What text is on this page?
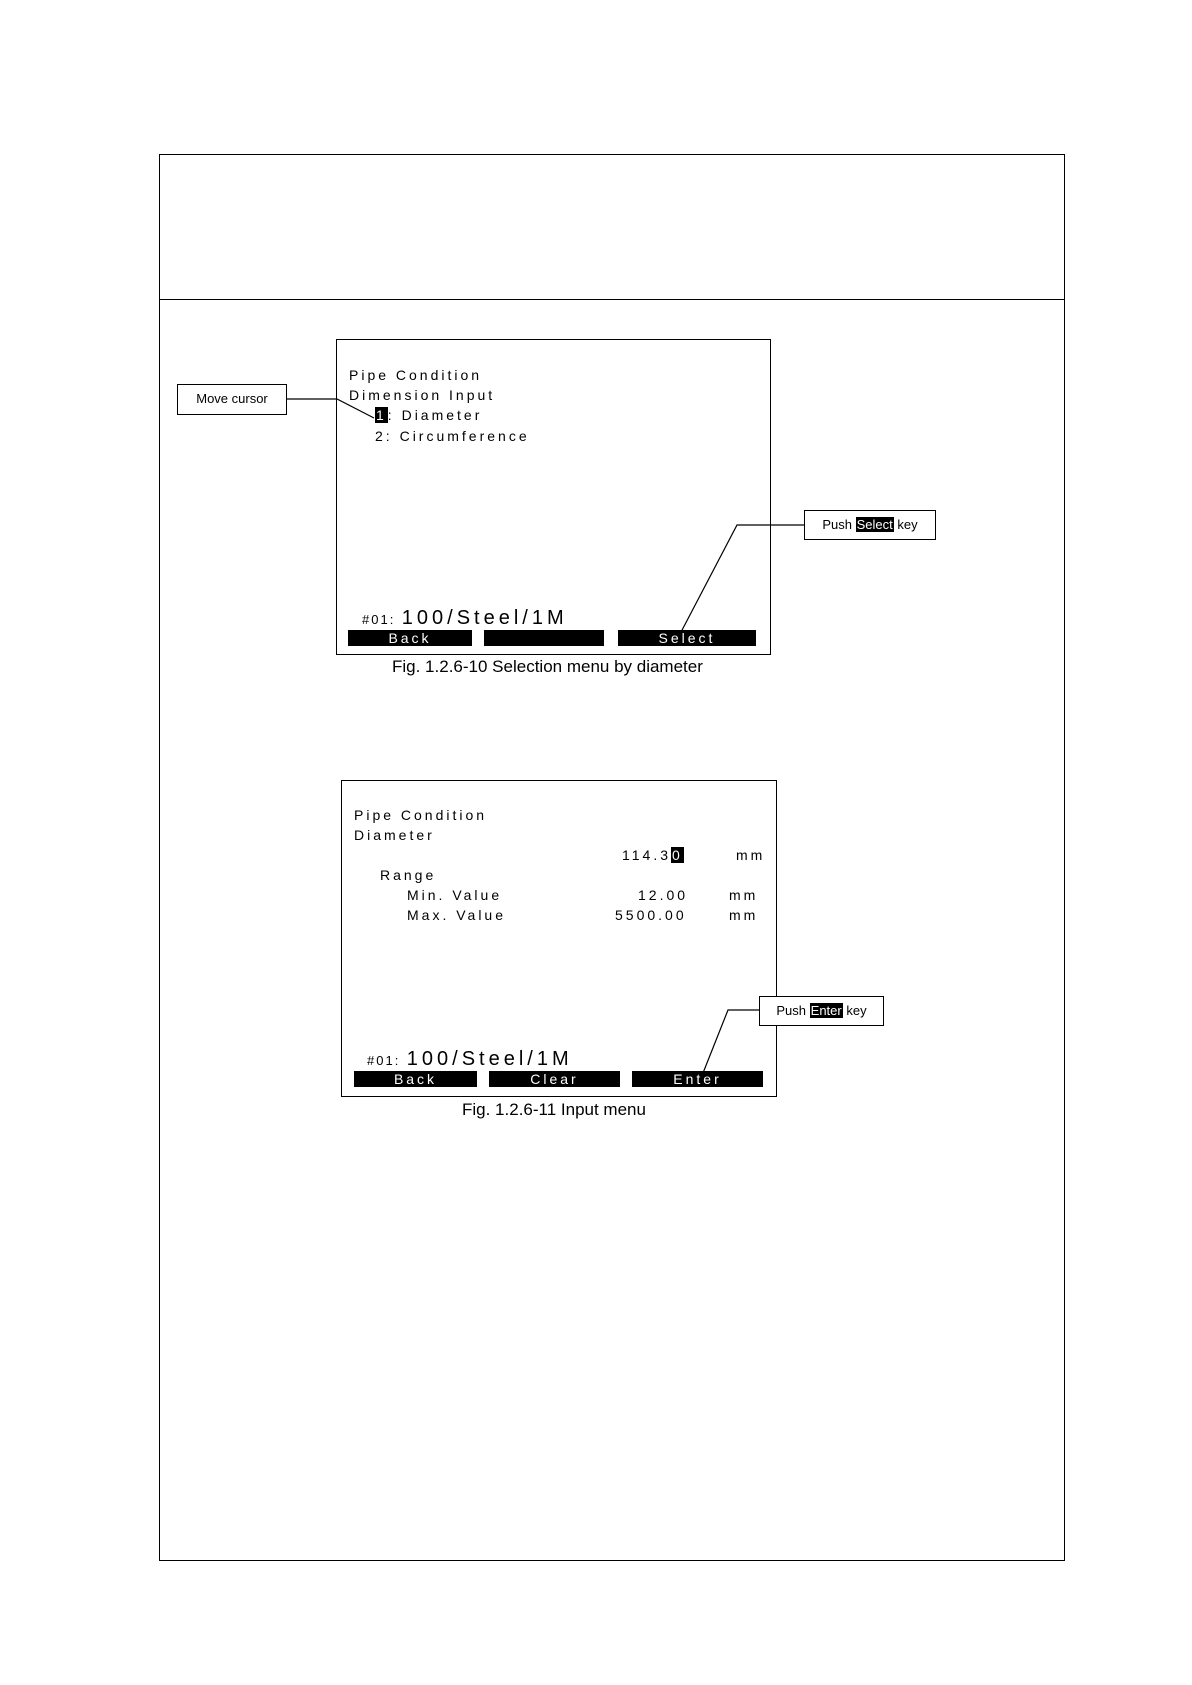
Pipe Condition
Dimension Input
1: Diameter
2: Circumference
#01: 100/Steel/1M
Back	Select
Fig. 1.2.6-10 Selection menu by diameter
Move cursor
Push Select key
Pipe Condition
Diameter
114.30	mm
Range
Min. Value	12.00	mm
Max. Value	5500.00	mm
#01: 100/Steel/1M
Back	Clear	Enter
Fig. 1.2.6-11 Input menu
Push Enter key
